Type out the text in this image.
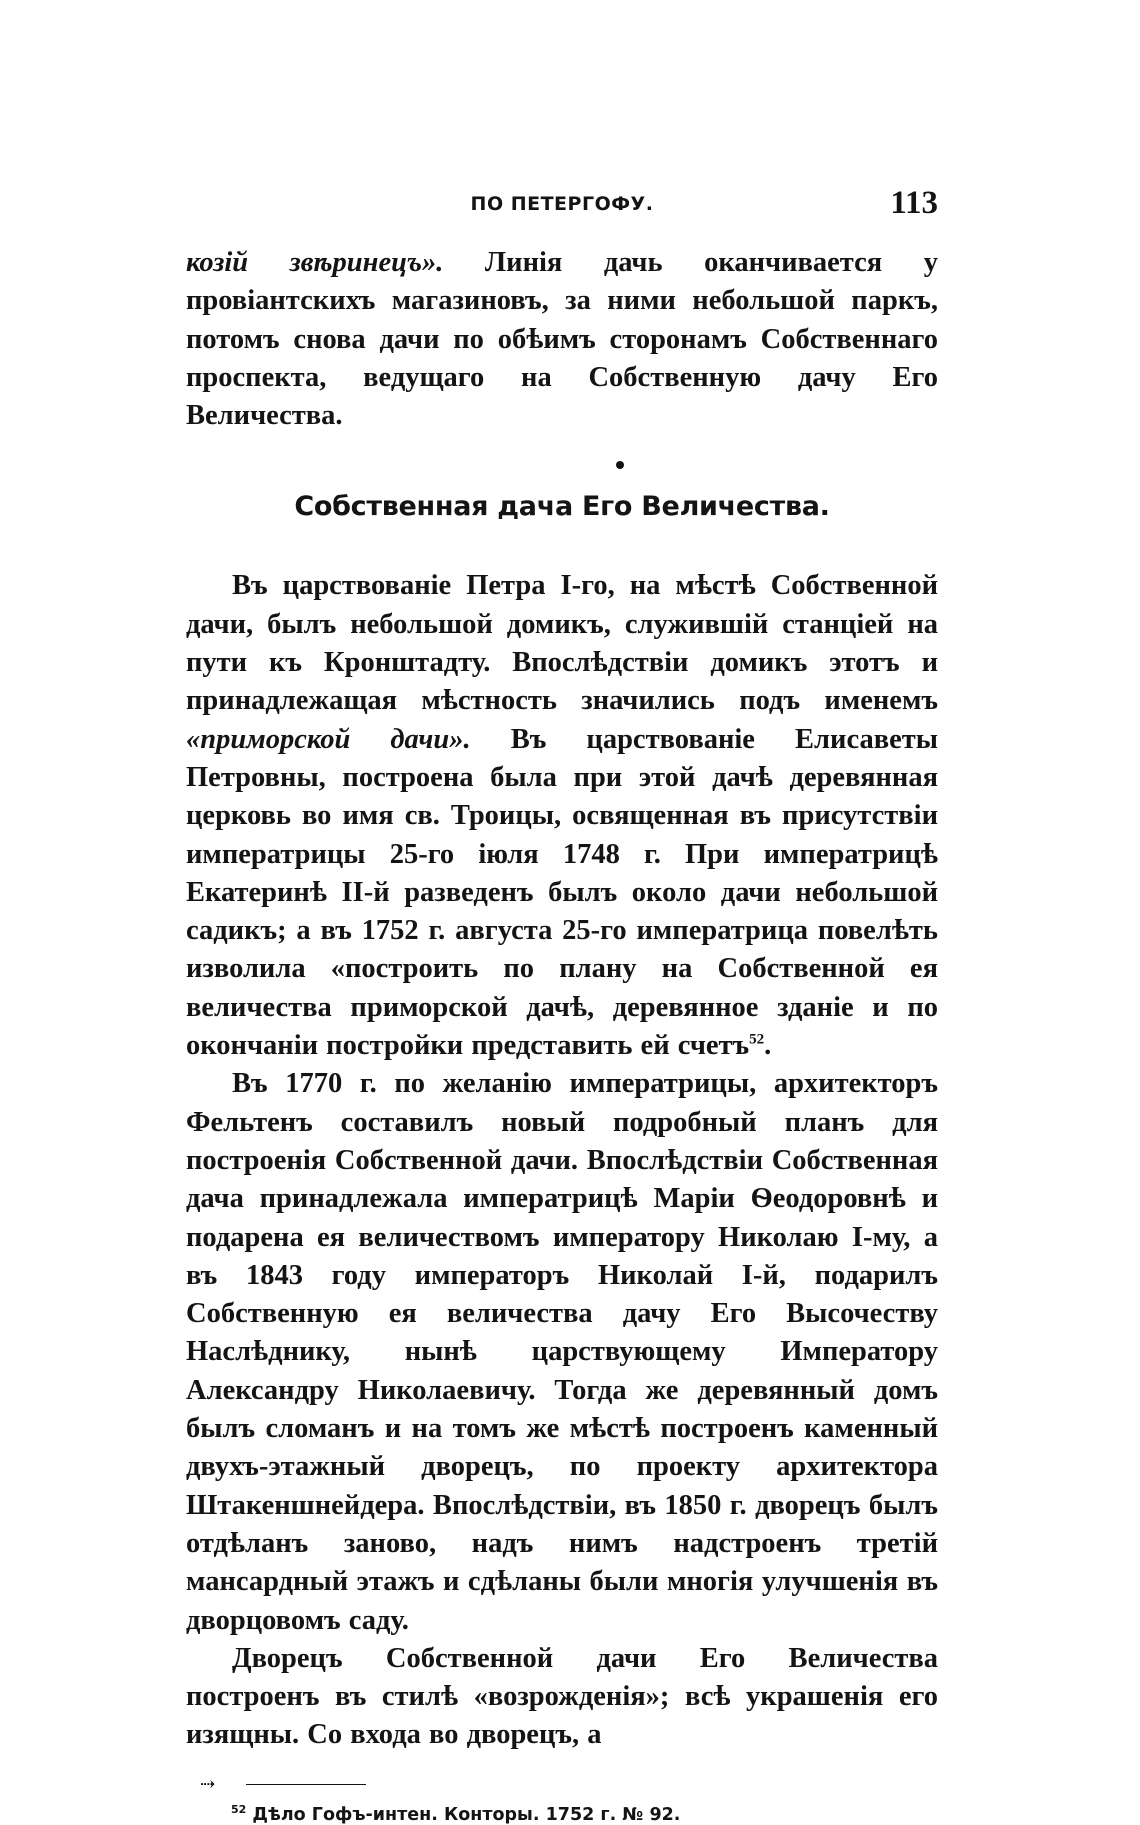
ПО ПЕТЕРГОФУ.	113

козій звѣринецъ». Линія дачь оканчивается у провіантскихъ магазиновъ, за ними небольшой паркъ, потомъ снова дачи по обѣимъ сторонамъ Собственнаго проспекта, ведущаго на Собственную дачу Его Величества.

Собственная дача Его Величества.

Въ царствованіе Петра I-го, на мѣстѣ Собственной дачи, былъ небольшой домикъ, служившій станціей на пути къ Кронштадту. Впослѣдствіи домикъ этотъ и принадлежащая мѣстность значились подъ именемъ «приморской дачи». Въ царствованіе Елисаветы Петровны, построена была при этой дачѣ деревянная церковь во имя св. Троицы, освященная въ присутствіи императрицы 25-го іюля 1748 г. При императрицѣ Екатеринѣ II-й разведенъ былъ около дачи небольшой садикъ; а въ 1752 г. августа 25-го императрица повелѣть изволила «построить по плану на Собственной ея величества приморской дачѣ, деревянное зданіе и по окончаніи постройки представить ей счетъ$^{52}$.

Въ 1770 г. по желанію императрицы, архитекторъ Фельтенъ составилъ новый подробный планъ для построенія Собственной дачи. Впослѣдствіи Собственная дача принадлежала императрицѣ Маріи Ѳеодоровнѣ и подарена ея величествомъ императору Николаю I-му, а въ 1843 году императоръ Николай I-й, подарилъ Собственную ея величества дачу Его Высочеству Наслѣднику, нынѣ царствующему Императору Александру Николаевичу. Тогда же деревянный домъ былъ сломанъ и на томъ же мѣстѣ построенъ каменный двухъ-этажный дворецъ, по проекту архитектора Штакеншнейдера. Впослѣдствіи, въ 1850 г. дворецъ былъ отдѣланъ заново, надъ нимъ надстроенъ третій мансардный этажъ и сдѣланы были многія улучшенія въ дворцовомъ саду.

Дворецъ Собственной дачи Его Величества построенъ въ стилѣ «возрожденія»; всѣ украшенія его изящны. Со входа во дворецъ, а

⇢
$^{52}$ Дѣло Гофъ-интен. Конторы. 1752 г. № 92.
